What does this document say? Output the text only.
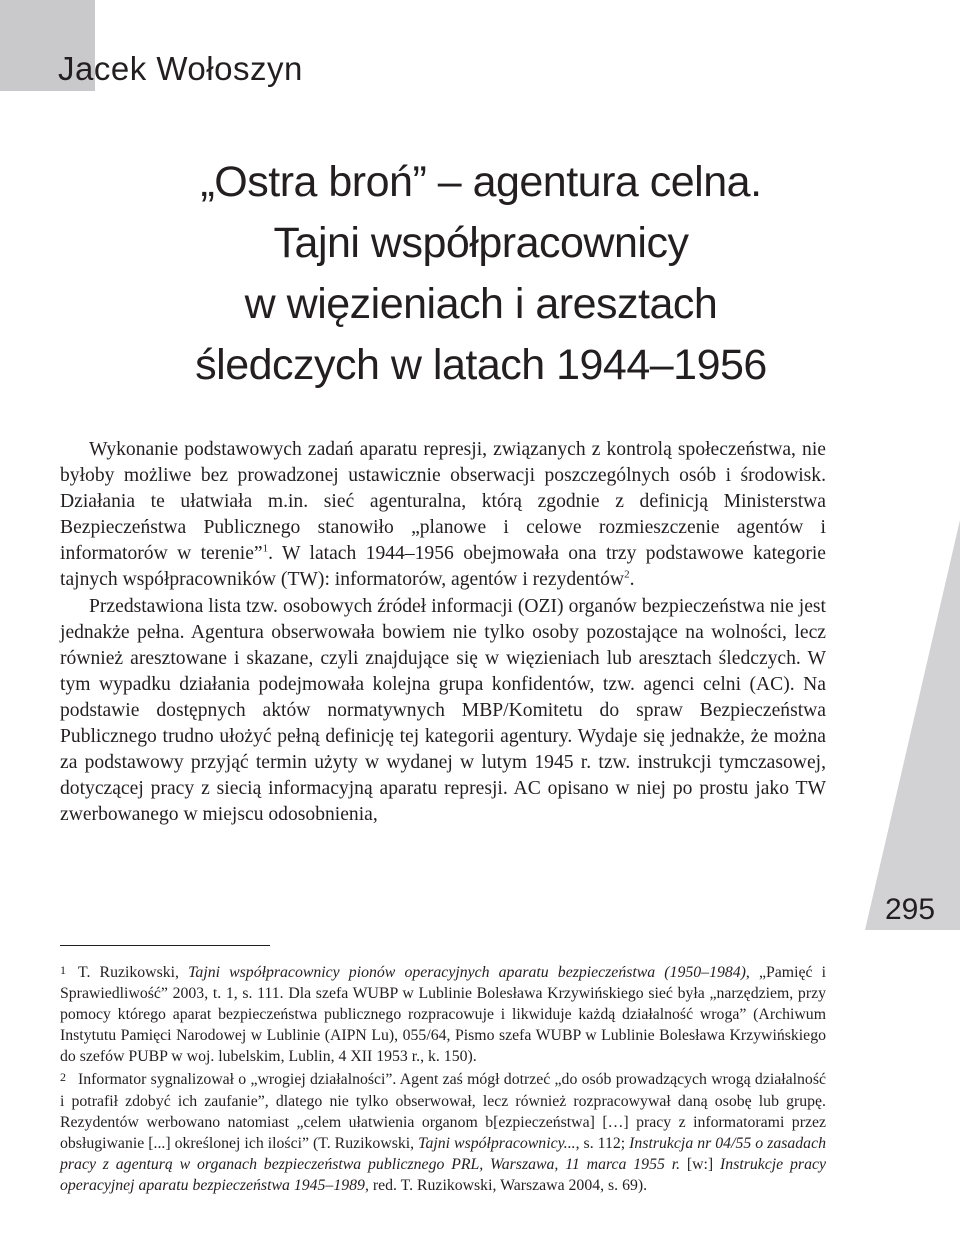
Jacek Wołoszyn
„Ostra broń” – agentura celna.
Tajni współpracownicy
w więzieniach i aresztach
śledczych w latach 1944–1956

Wykonanie podstawowych zadań aparatu represji, związanych z kontrolą społeczeństwa, nie byłoby możliwe bez prowadzonej ustawicznie obserwacji poszczególnych osób i środowisk. Działania te ułatwiała m.in. sieć agenturalna, którą zgodnie z definicją Ministerstwa Bezpieczeństwa Publicznego stanowiło „planowe i celowe rozmieszczenie agentów i informatorów w terenie”$^1$. W latach 1944–1956 obejmowała ona trzy podstawowe kategorie tajnych współpracowników (TW): informatorów, agentów i rezydentów$^2$.

Przedstawiona lista tzw. osobowych źródeł informacji (OZI) organów bezpieczeństwa nie jest jednakże pełna. Agentura obserwowała bowiem nie tylko osoby pozostające na wolności, lecz również aresztowane i skazane, czyli znajdujące się w więzieniach lub aresztach śledczych. W tym wypadku działania podejmowała kolejna grupa konfidentów, tzw. agenci celni (AC). Na podstawie dostępnych aktów normatywnych MBP/Komitetu do spraw Bezpieczeństwa Publicznego trudno ułożyć pełną definicję tej kategorii agentury. Wydaje się jednakże, że można za podstawowy przyjąć termin użyty w wydanej w lutym 1945 r. tzw. instrukcji tymczasowej, dotyczącej pracy z siecią informacyjną aparatu represji. AC opisano w niej po prostu jako TW zwerbowanego w miejscu odosobnienia,

295

1 T. Ruzikowski, Tajni współpracownicy pionów operacyjnych aparatu bezpieczeństwa (1950–1984), „Pamięć i Sprawiedliwość” 2003, t. 1, s. 111. Dla szefa WUBP w Lublinie Bolesława Krzywińskiego sieć była „narzędziem, przy pomocy którego aparat bezpieczeństwa publicznego rozpracowuje i likwiduje każdą działalność wroga” (Archiwum Instytutu Pamięci Narodowej w Lublinie (AIPN Lu), 055/64, Pismo szefa WUBP w Lublinie Bolesława Krzywińskiego do szefów PUBP w woj. lubelskim, Lublin, 4 XII 1953 r., k. 150).

2 Informator sygnalizował o „wrogiej działalności”. Agent zaś mógł dotrzeć „do osób prowadzących wrogą działalność i potrafił zdobyć ich zaufanie”, dlatego nie tylko obserwował, lecz również rozpracowywał daną osobę lub grupę. Rezydentów werbowano natomiast „celem ułatwienia organom b[ezpieczeństwa] […] pracy z informatorami przez obsługiwanie [...] określonej ich ilości” (T. Ruzikowski, Tajni współpracownicy..., s. 112; Instrukcja nr 04/55 o zasadach pracy z agenturą w organach bezpieczeństwa publicznego PRL, Warszawa, 11 marca 1955 r. [w:] Instrukcje pracy operacyjnej aparatu bezpieczeństwa 1945–1989, red. T. Ruzikowski, Warszawa 2004, s. 69).
